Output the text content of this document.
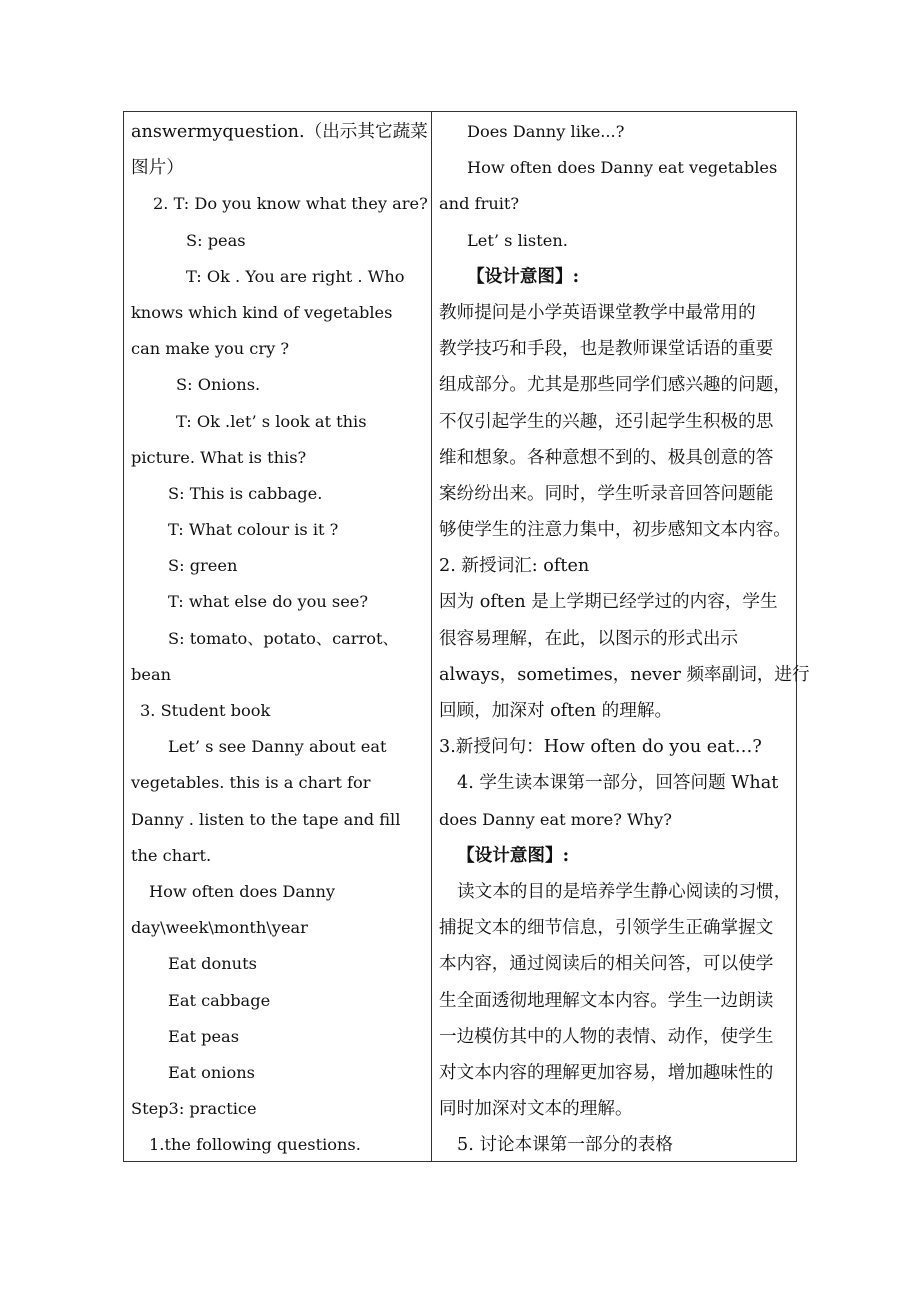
answermyquestion.（出示其它蔬菜
图片）
2. T: Do you know what they are?
S: peas
T: Ok . You are right . Who
knows which kind of vegetables
can make you cry ?
S: Onions.
T: Ok .let’ s look at this
picture. What is this?
S: This is cabbage.
T: What colour is it ?
S: green
T: what else do you see?
S: tomato、potato、carrot、
bean
3. Student book
Let’ s see Danny about eat
vegetables. this is a chart for
Danny . listen to the tape and fill
the chart.
How often does Danny
day\week\month\year
Eat donuts
Eat cabbage
Eat peas
Eat onions
Step3: practice
1.the following questions.
Does Danny like...?
How often does Danny eat vegetables
and fruit?
Let’ s listen.
【设计意图】:
教师提问是小学英语课堂教学中最常用的
教学技巧和手段，也是教师课堂话语的重要
组成部分。尤其是那些同学们感兴趣的问题，
不仅引起学生的兴趣，还引起学生积极的思
维和想象。各种意想不到的、极具创意的答
案纷纷出来。同时，学生听录音回答问题能
够使学生的注意力集中，初步感知文本内容。
2. 新授词汇: often
因为 often 是上学期已经学过的内容，学生
很容易理解，在此，以图示的形式出示
always，sometimes，never 频率副词，进行
回顾，加深对 often 的理解。
3.新授问句：How often do you eat…?
4. 学生读本课第一部分，回答问题 What
does Danny eat more? Why?
【设计意图】:
读文本的目的是培养学生静心阅读的习惯，
捕捉文本的细节信息，引领学生正确掌握文
本内容，通过阅读后的相关问答，可以使学
生全面透彻地理解文本内容。学生一边朗读
一边模仿其中的人物的表情、动作，使学生
对文本内容的理解更加容易，增加趣味性的
同时加深对文本的理解。
5. 讨论本课第一部分的表格
